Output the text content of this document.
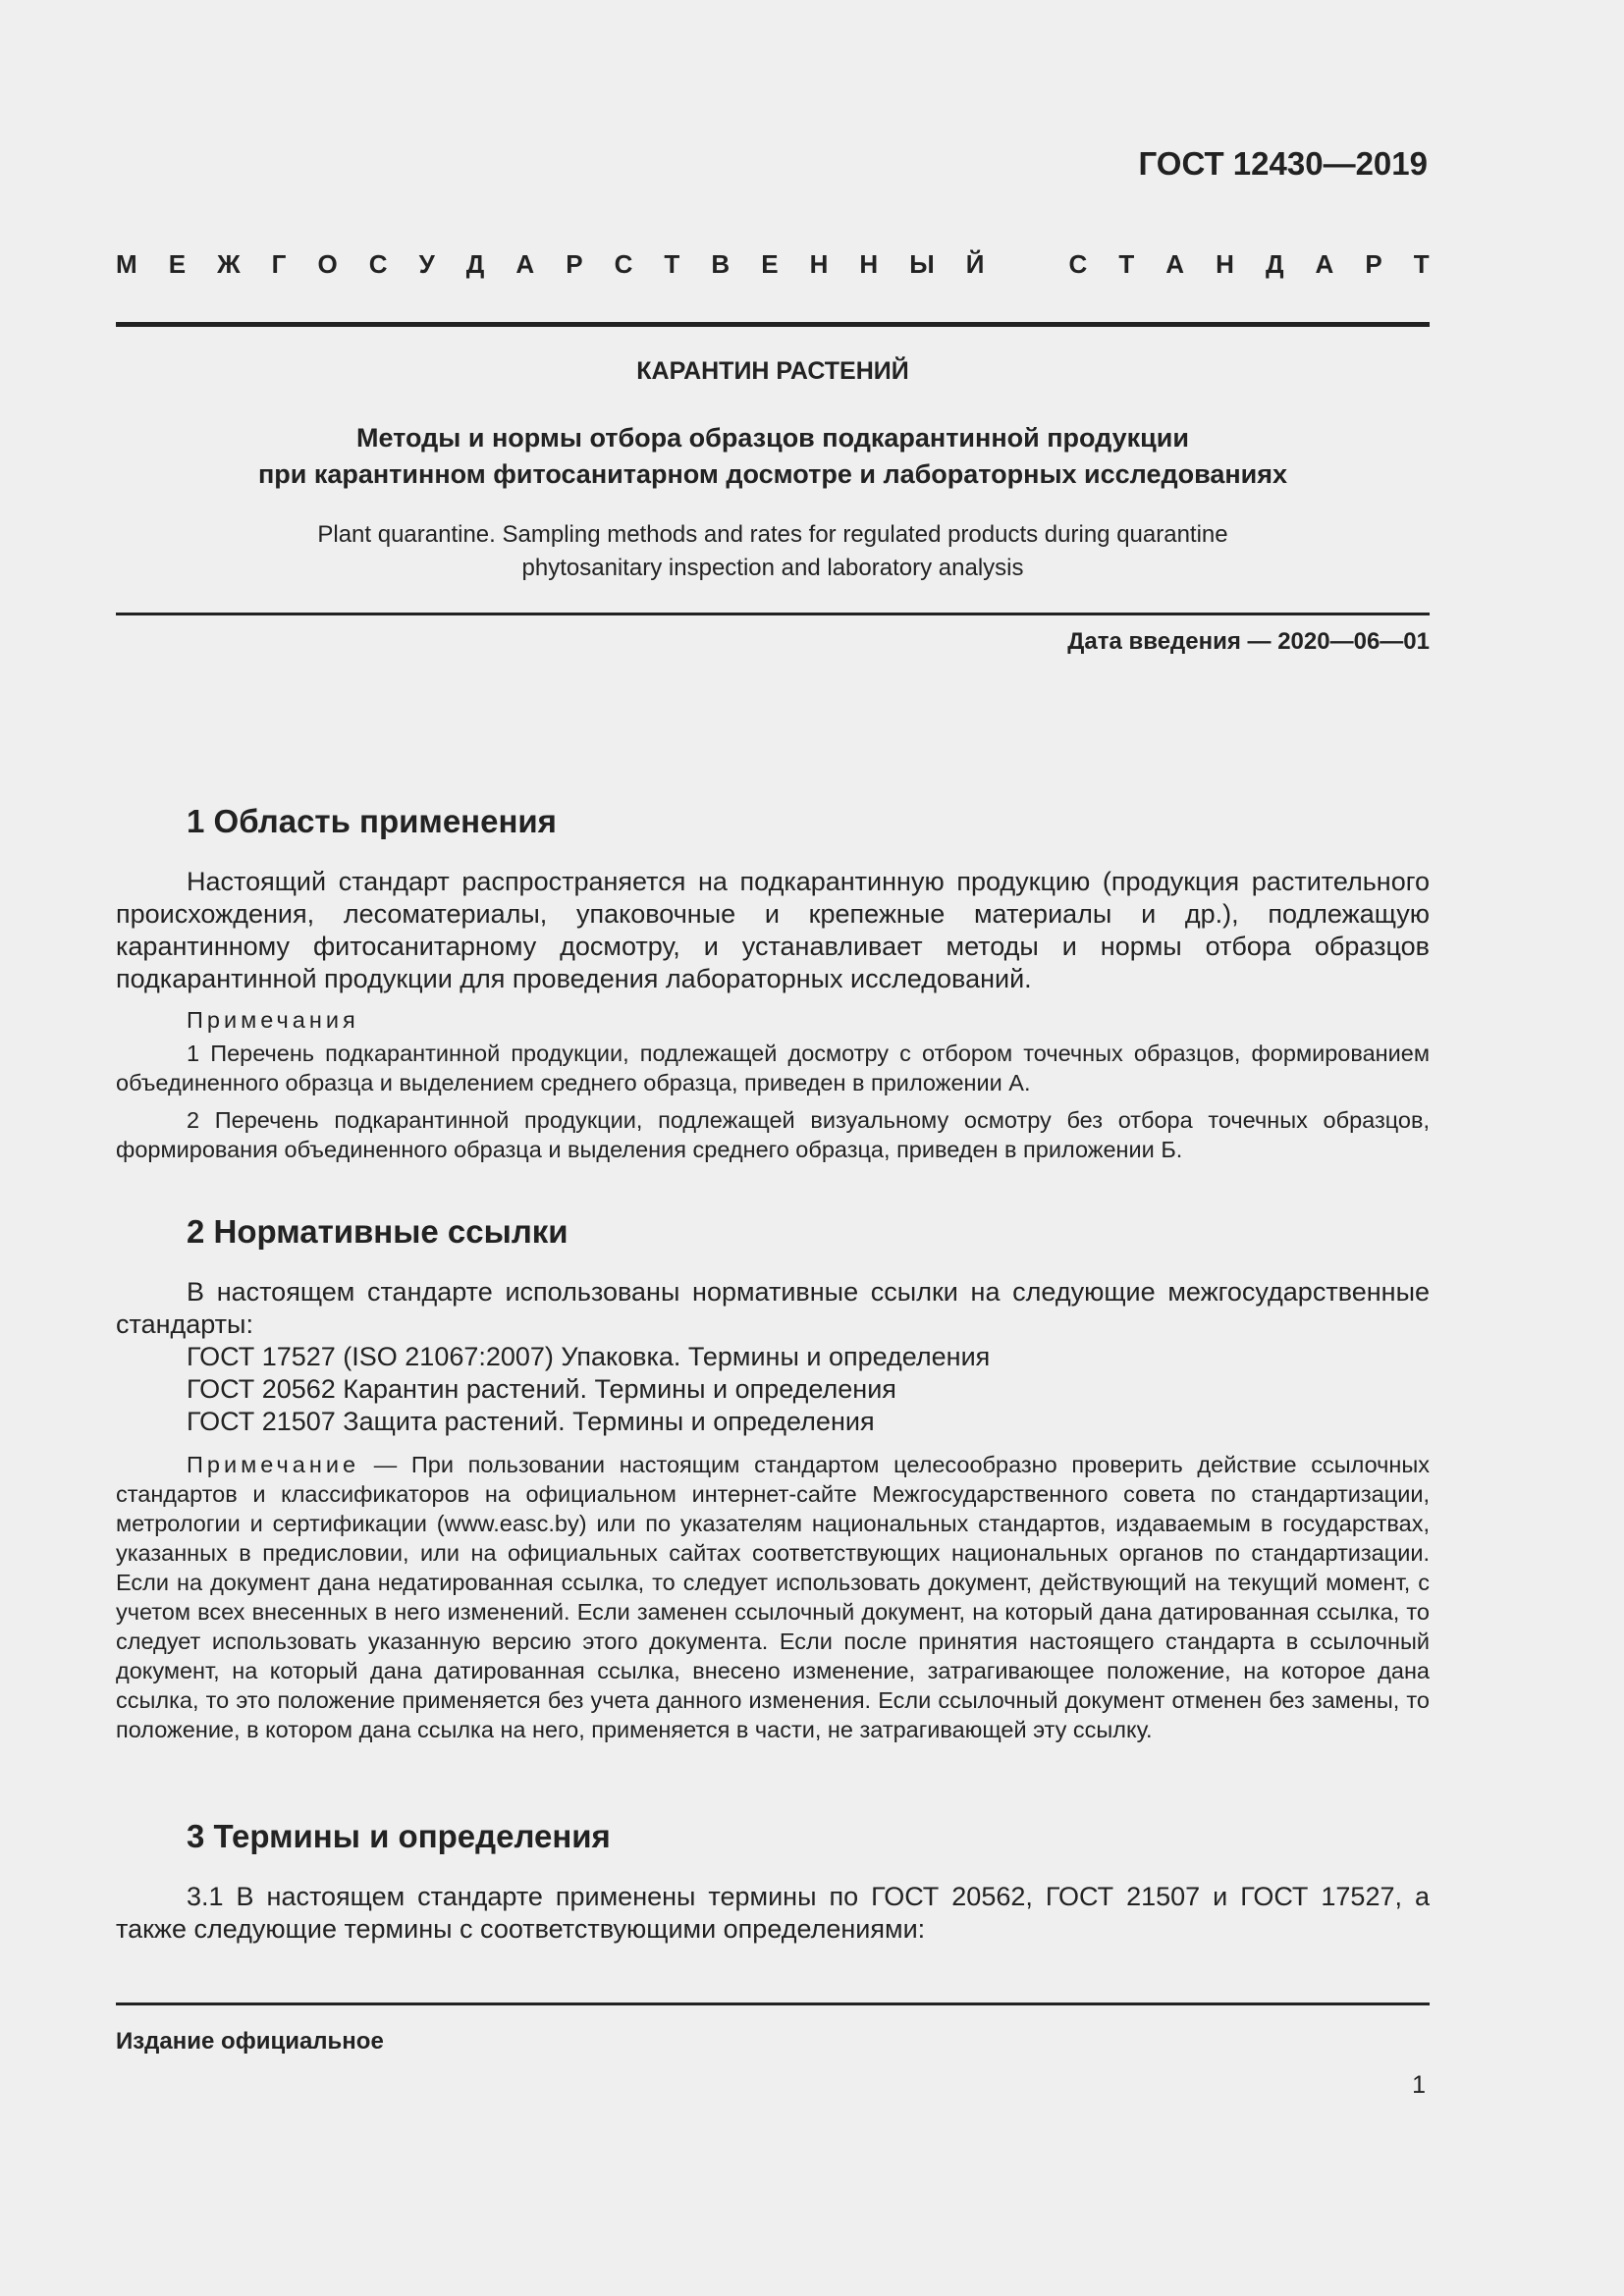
ГОСТ 12430—2019
М Е Ж Г О С У Д А Р С Т В Е Н Н Ы Й	С Т А Н Д А Р Т
КАРАНТИН РАСТЕНИЙ
Методы и нормы отбора образцов подкарантинной продукции
при карантинном фитосанитарном досмотре и лабораторных исследованиях
Plant quarantine. Sampling methods and rates for regulated products during quarantine
phytosanitary inspection and laboratory analysis
Дата введения — 2020—06—01
1 Область применения

Настоящий стандарт распространяется на подкарантинную продукцию (продукция растительного происхождения, лесоматериалы, упаковочные и крепежные материалы и др.), подлежащую карантинному фитосанитарному досмотру, и устанавливает методы и нормы отбора образцов подкарантинной продукции для проведения лабораторных исследований.

Примечания

1 Перечень подкарантинной продукции, подлежащей досмотру с отбором точечных образцов, формированием объединенного образца и выделением среднего образца, приведен в приложении А.

2 Перечень подкарантинной продукции, подлежащей визуальному осмотру без отбора точечных образцов, формирования объединенного образца и выделения среднего образца, приведен в приложении Б.

2 Нормативные ссылки

В настоящем стандарте использованы нормативные ссылки на следующие межгосударственные стандарты:

ГОСТ 17527 (ISO 21067:2007) Упаковка. Термины и определения

ГОСТ 20562 Карантин растений. Термины и определения

ГОСТ 21507 Защита растений. Термины и определения

Примечание — При пользовании настоящим стандартом целесообразно проверить действие ссылочных стандартов и классификаторов на официальном интернет-сайте Межгосударственного совета по стандартизации, метрологии и сертификации (www.easc.by) или по указателям национальных стандартов, издаваемым в государствах, указанных в предисловии, или на официальных сайтах соответствующих национальных органов по стандартизации. Если на документ дана недатированная ссылка, то следует использовать документ, действующий на текущий момент, с учетом всех внесенных в него изменений. Если заменен ссылочный документ, на который дана датированная ссылка, то следует использовать указанную версию этого документа. Если после принятия настоящего стандарта в ссылочный документ, на который дана датированная ссылка, внесено изменение, затрагивающее положение, на которое дана ссылка, то это положение применяется без учета данного изменения. Если ссылочный документ отменен без замены, то положение, в котором дана ссылка на него, применяется в части, не затрагивающей эту ссылку.

3 Термины и определения

3.1 В настоящем стандарте применены термины по ГОСТ 20562, ГОСТ 21507 и ГОСТ 17527, а также следующие термины с соответствующими определениями:

Издание официальное
1
